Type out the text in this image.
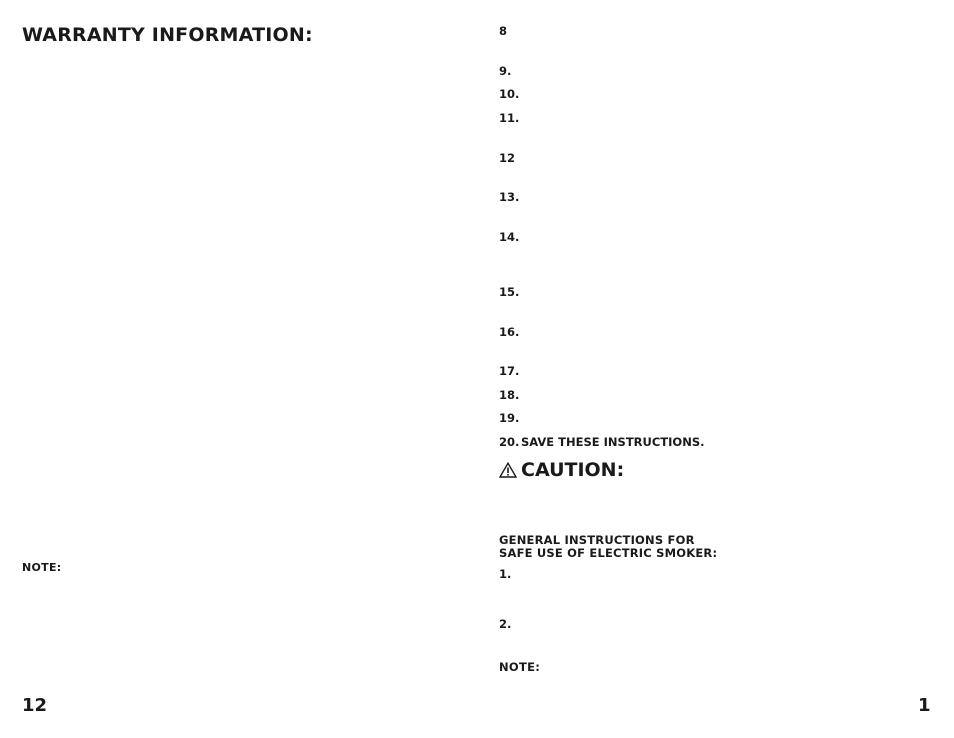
WARRANTY INFORMATION:
NOTE:
12
8
9.
10.
11.
12
13.
14.
15.
16.
17.
18.
19.
20. SAVE THESE INSTRUCTIONS.
CAUTION:
GENERAL INSTRUCTIONS FOR
SAFE USE OF ELECTRIC SMOKER:
1.
2.
NOTE:
1
